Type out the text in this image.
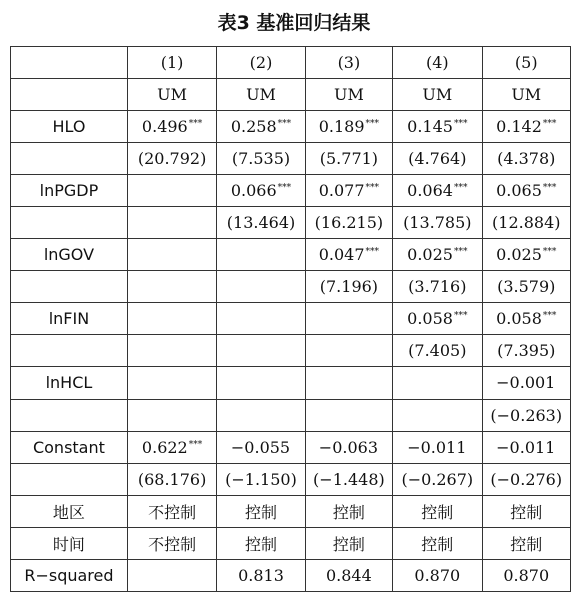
表3 基准回归结果
	(1)	(2)	(3)	(4)	(5)
	UM	UM	UM	UM	UM
HLO	0.496***	0.258***	0.189***	0.145***	0.142***
	(20.792)	(7.535)	(5.771)	(4.764)	(4.378)
lnPGDP		0.066***	0.077***	0.064***	0.065***
		(13.464)	(16.215)	(13.785)	(12.884)
lnGOV			0.047***	0.025***	0.025***
			(7.196)	(3.716)	(3.579)
lnFIN				0.058***	0.058***
				(7.405)	(7.395)
lnHCL					−0.001
					(−0.263)
Constant	0.622***	−0.055	−0.063	−0.011	−0.011
	(68.176)	(−1.150)	(−1.448)	(−0.267)	(−0.276)
地区	不控制	控制	控制	控制	控制
时间	不控制	控制	控制	控制	控制
R−squared		0.813	0.844	0.870	0.870
